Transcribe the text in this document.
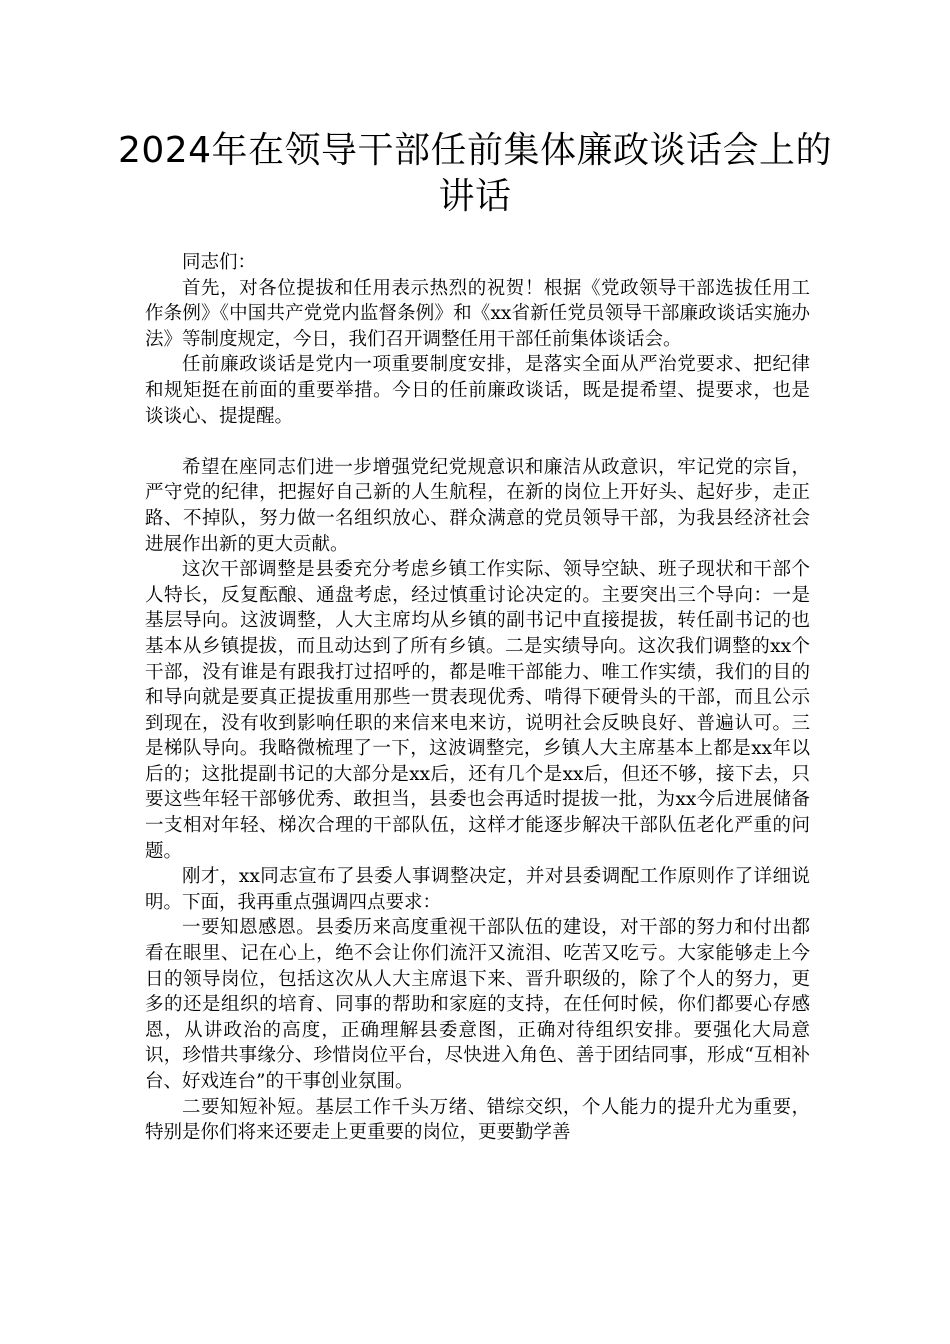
2024年在领导干部任前集体廉政谈话会上的讲话

同志们：

首先，对各位提拔和任用表示热烈的祝贺！根据《党政领导干部选拔任用工作条例》《中国共产党党内监督条例》和《xx省新任党员领导干部廉政谈话实施办法》等制度规定，今日，我们召开调整任用干部任前集体谈话会。

任前廉政谈话是党内一项重要制度安排，是落实全面从严治党要求、把纪律和规矩挺在前面的重要举措。今日的任前廉政谈话，既是提希望、提要求，也是谈谈心、提提醒。

希望在座同志们进一步增强党纪党规意识和廉洁从政意识，牢记党的宗旨，严守党的纪律，把握好自己新的人生航程，在新的岗位上开好头、起好步，走正路、不掉队，努力做一名组织放心、群众满意的党员领导干部，为我县经济社会进展作出新的更大贡献。

这次干部调整是县委充分考虑乡镇工作实际、领导空缺、班子现状和干部个人特长，反复酝酿、通盘考虑，经过慎重讨论决定的。主要突出三个导向：一是基层导向。这波调整，人大主席均从乡镇的副书记中直接提拔，转任副书记的也基本从乡镇提拔，而且动达到了所有乡镇。二是实绩导向。这次我们调整的xx个干部，没有谁是有跟我打过招呼的，都是唯干部能力、唯工作实绩，我们的目的和导向就是要真正提拔重用那些一贯表现优秀、啃得下硬骨头的干部，而且公示到现在，没有收到影响任职的来信来电来访，说明社会反映良好、普遍认可。三是梯队导向。我略微梳理了一下，这波调整完，乡镇人大主席基本上都是xx年以后的；这批提副书记的大部分是xx后，还有几个是xx后，但还不够，接下去，只要这些年轻干部够优秀、敢担当，县委也会再适时提拔一批，为xx今后进展储备一支相对年轻、梯次合理的干部队伍，这样才能逐步解决干部队伍老化严重的问题。

刚才，xx同志宣布了县委人事调整决定，并对县委调配工作原则作了详细说明。下面，我再重点强调四点要求：

一要知恩感恩。县委历来高度重视干部队伍的建设，对干部的努力和付出都看在眼里、记在心上，绝不会让你们流汗又流泪、吃苦又吃亏。大家能够走上今日的领导岗位，包括这次从人大主席退下来、晋升职级的，除了个人的努力，更多的还是组织的培育、同事的帮助和家庭的支持，在任何时候，你们都要心存感恩，从讲政治的高度，正确理解县委意图，正确对待组织安排。要强化大局意识，珍惜共事缘分、珍惜岗位平台，尽快进入角色、善于团结同事，形成“互相补台、好戏连台”的干事创业氛围。

二要知短补短。基层工作千头万绪、错综交织，个人能力的提升尤为重要，特别是你们将来还要走上更重要的岗位，更要勤学善
